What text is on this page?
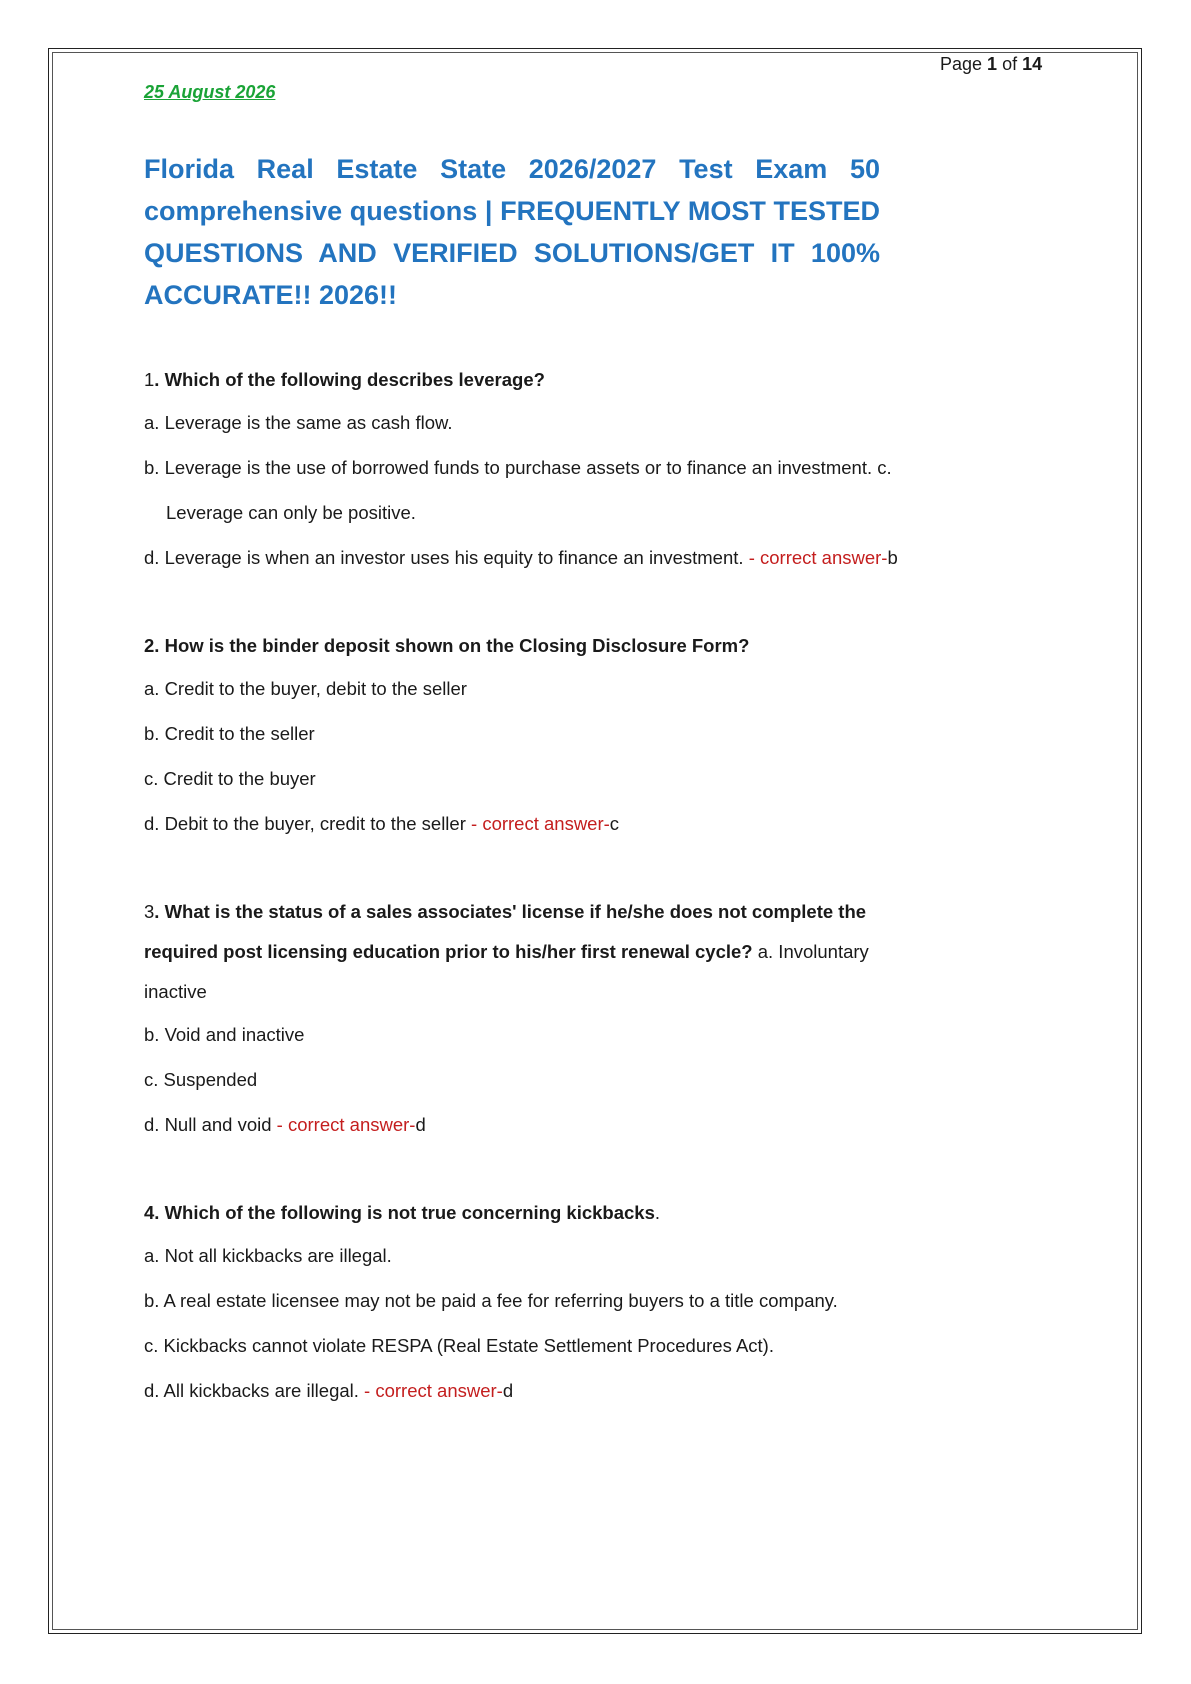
Page 1 of 14
25 August 2026
Florida Real Estate State 2026/2027 Test Exam 50 comprehensive questions | FREQUENTLY MOST TESTED QUESTIONS AND VERIFIED SOLUTIONS/GET IT 100% ACCURATE!! 2026!!

1. Which of the following describes leverage?

a. Leverage is the same as cash flow.

b. Leverage is the use of borrowed funds to purchase assets or to finance an investment. c.

Leverage can only be positive.

d. Leverage is when an investor uses his equity to finance an investment. - correct answer-b

2. How is the binder deposit shown on the Closing Disclosure Form?

a. Credit to the buyer, debit to the seller

b. Credit to the seller

c. Credit to the buyer

d. Debit to the buyer, credit to the seller - correct answer-c

3. What is the status of a sales associates' license if he/she does not complete the

required post licensing education prior to his/her first renewal cycle? a. Involuntary

inactive

b. Void and inactive

c. Suspended

d. Null and void - correct answer-d

4. Which of the following is not true concerning kickbacks.

a. Not all kickbacks are illegal.

b. A real estate licensee may not be paid a fee for referring buyers to a title company.

c. Kickbacks cannot violate RESPA (Real Estate Settlement Procedures Act).

d. All kickbacks are illegal. - correct answer-d
